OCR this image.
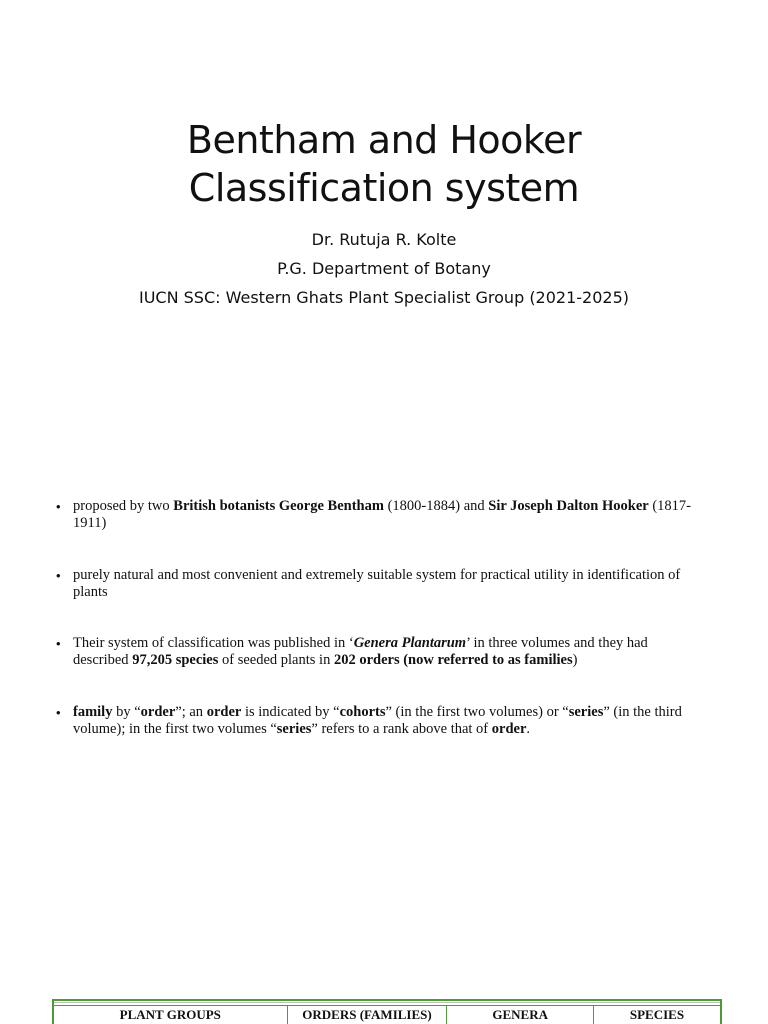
Bentham and Hooker
Classification system
Dr. Rutuja R. Kolte
P.G. Department of Botany
IUCN SSC: Western Ghats Plant Specialist Group (2021-2025)
• proposed by two British botanists George Bentham (1800-1884) and Sir Joseph Dalton Hooker (1817-1911)
• purely natural and most convenient and extremely suitable system for practical utility in identification of plants
• Their system of classification was published in ‘Genera Plantarum’ in three volumes and they had described 97,205 species of seeded plants in 202 orders (now referred to as families)
• family by “order”; an order is indicated by “cohorts” (in the first two volumes) or “series” (in the third volume); in the first two volumes “series” refers to a rank above that of order.
PLANT GROUPS	ORDERS (FAMILIES)	GENERA	SPECIES
